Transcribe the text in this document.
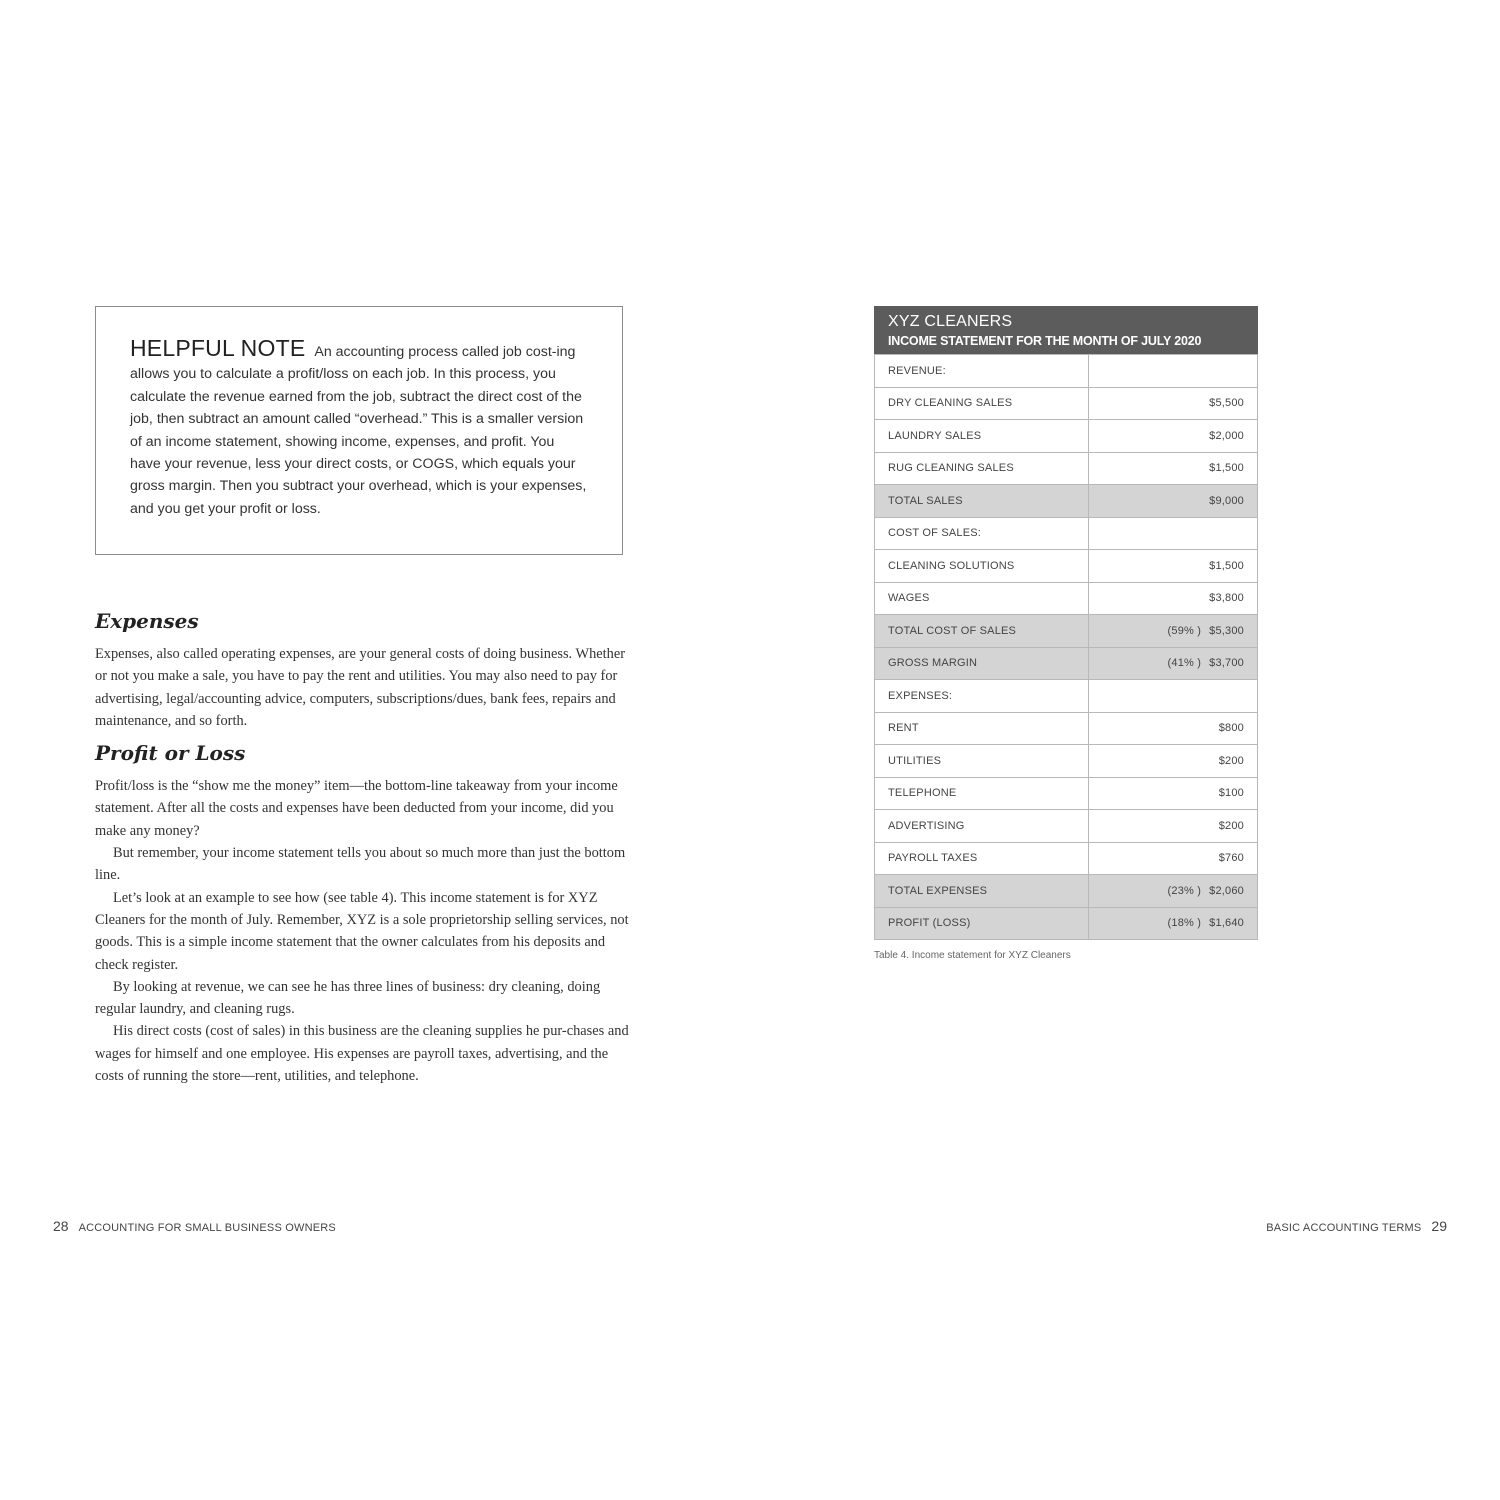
HELPFUL NOTE An accounting process called job cost-ing allows you to calculate a profit/loss on each job. In this process, you calculate the revenue earned from the job, subtract the direct cost of the job, then subtract an amount called “overhead.” This is a smaller version of an income statement, showing income, expenses, and profit. You have your revenue, less your direct costs, or COGS, which equals your gross margin. Then you subtract your overhead, which is your expenses, and you get your profit or loss.

Expenses

Expenses, also called operating expenses, are your general costs of doing business. Whether or not you make a sale, you have to pay the rent and utilities. You may also need to pay for advertising, legal/accounting advice, computers, subscriptions/dues, bank fees, repairs and maintenance, and so forth.

Profit or Loss

Profit/loss is the “show me the money” item—the bottom-line takeaway from your income statement. After all the costs and expenses have been deducted from your income, did you make any money?

But remember, your income statement tells you about so much more than just the bottom line.

Let’s look at an example to see how (see table 4). This income statement is for XYZ Cleaners for the month of July. Remember, XYZ is a sole proprietorship selling services, not goods. This is a simple income statement that the owner calculates from his deposits and check register.

By looking at revenue, we can see he has three lines of business: dry cleaning, doing regular laundry, and cleaning rugs.

His direct costs (cost of sales) in this business are the cleaning supplies he pur-chases and wages for himself and one employee. His expenses are payroll taxes, advertising, and the costs of running the store—rent, utilities, and telephone.

XYZ CLEANERS
INCOME STATEMENT FOR THE MONTH OF JULY 2020
REVENUE:	
DRY CLEANING SALES	$5,500
LAUNDRY SALES	$2,000
RUG CLEANING SALES	$1,500
TOTAL SALES	$9,000
COST OF SALES:	
CLEANING SOLUTIONS	$1,500
WAGES	$3,800
TOTAL COST OF SALES	(59% ) $5,300
GROSS MARGIN	(41% ) $3,700
EXPENSES:	
RENT	$800
UTILITIES	$200
TELEPHONE	$100
ADVERTISING	$200
PAYROLL TAXES	$760
TOTAL EXPENSES	(23% ) $2,060
PROFIT (LOSS)	(18% ) $1,640
Table 4. Income statement for XYZ Cleaners
28 ACCOUNTING FOR SMALL BUSINESS OWNERS	BASIC ACCOUNTING TERMS 29
